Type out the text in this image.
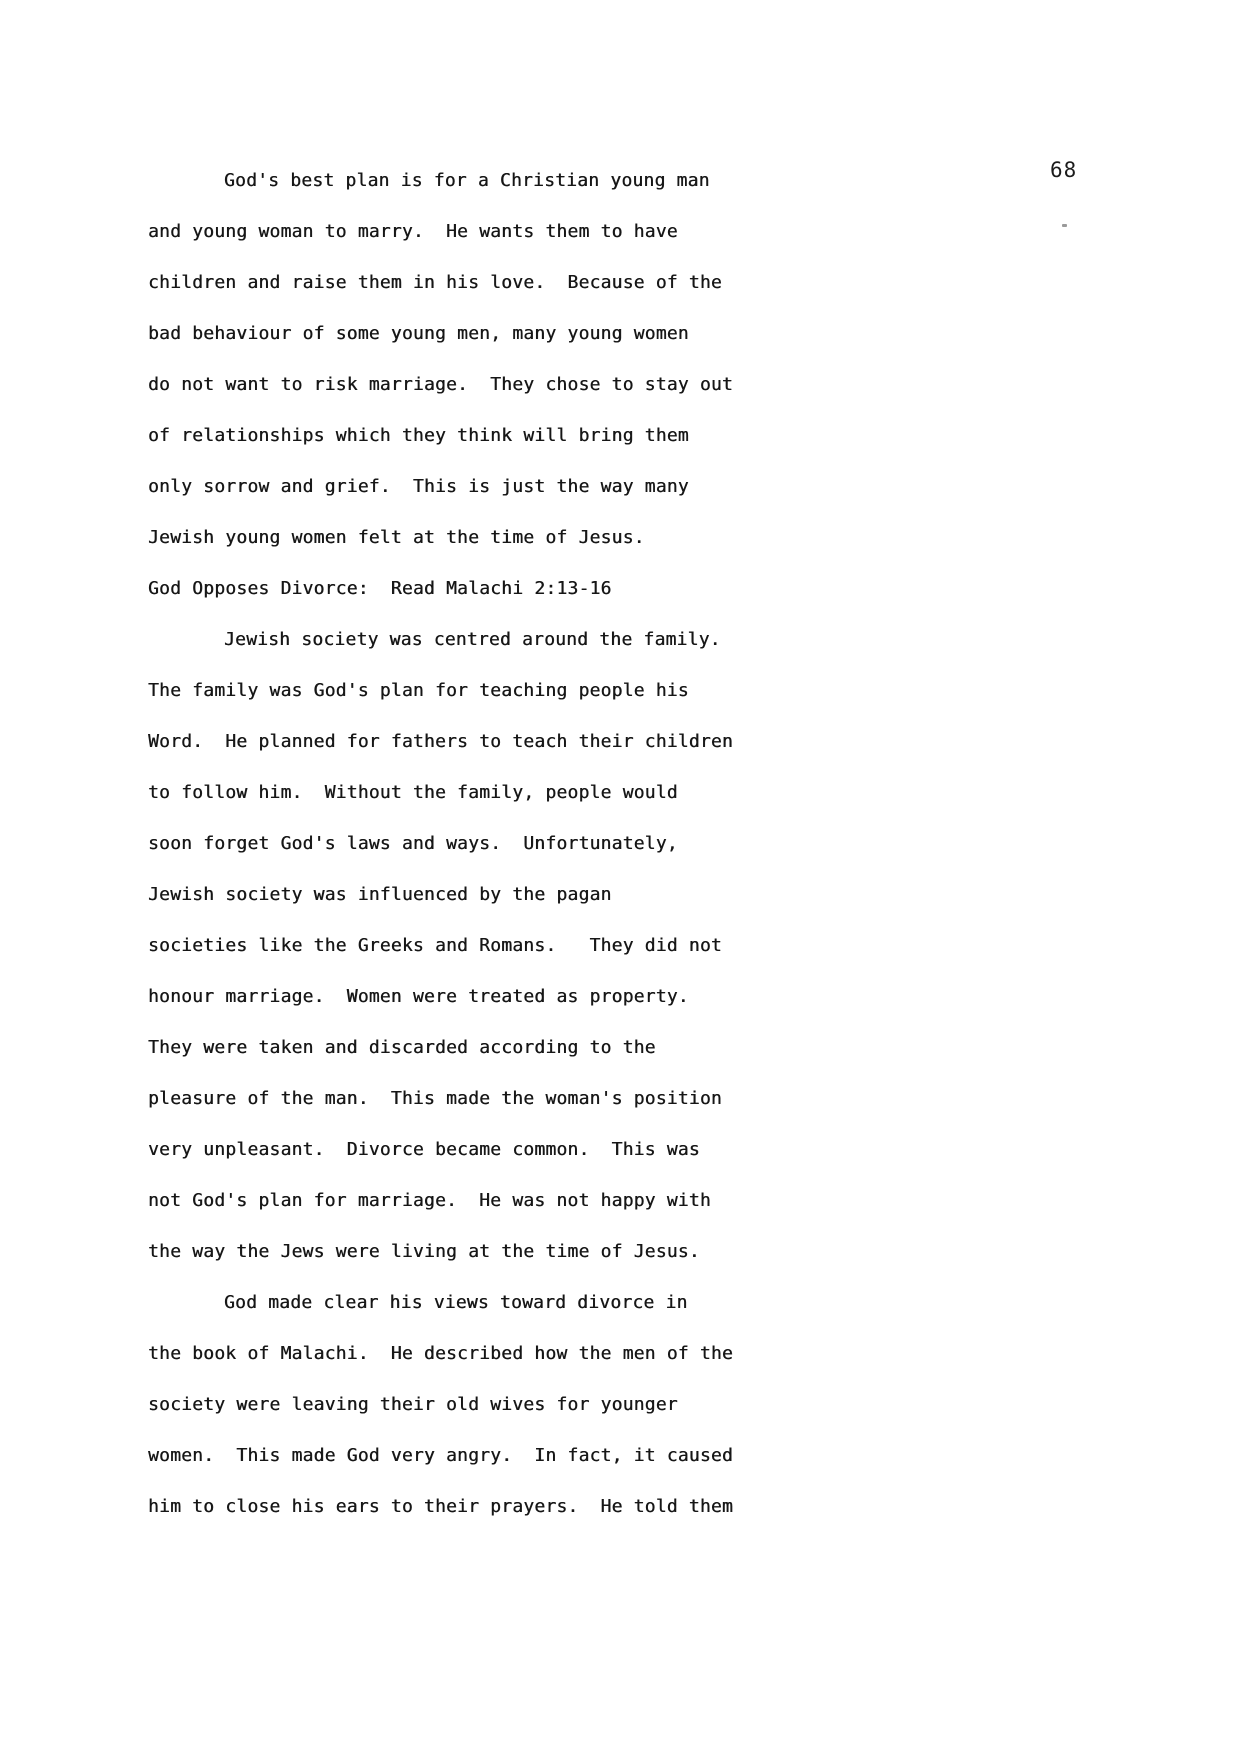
68
God's best plan is for a Christian young man
and young woman to marry.  He wants them to have
children and raise them in his love.  Because of the
bad behaviour of some young men, many young women
do not want to risk marriage.  They chose to stay out
of relationships which they think will bring them
only sorrow and grief.  This is just the way many
Jewish young women felt at the time of Jesus.
God Opposes Divorce:  Read Malachi 2:13-16
Jewish society was centred around the family.
The family was God's plan for teaching people his
Word.  He planned for fathers to teach their children
to follow him.  Without the family, people would
soon forget God's laws and ways.  Unfortunately,
Jewish society was influenced by the pagan
societies like the Greeks and Romans.   They did not
honour marriage.  Women were treated as property.
They were taken and discarded according to the
pleasure of the man.  This made the woman's position
very unpleasant.  Divorce became common.  This was
not God's plan for marriage.  He was not happy with
the way the Jews were living at the time of Jesus.
God made clear his views toward divorce in
the book of Malachi.  He described how the men of the
society were leaving their old wives for younger
women.  This made God very angry.  In fact, it caused
him to close his ears to their prayers.  He told them
